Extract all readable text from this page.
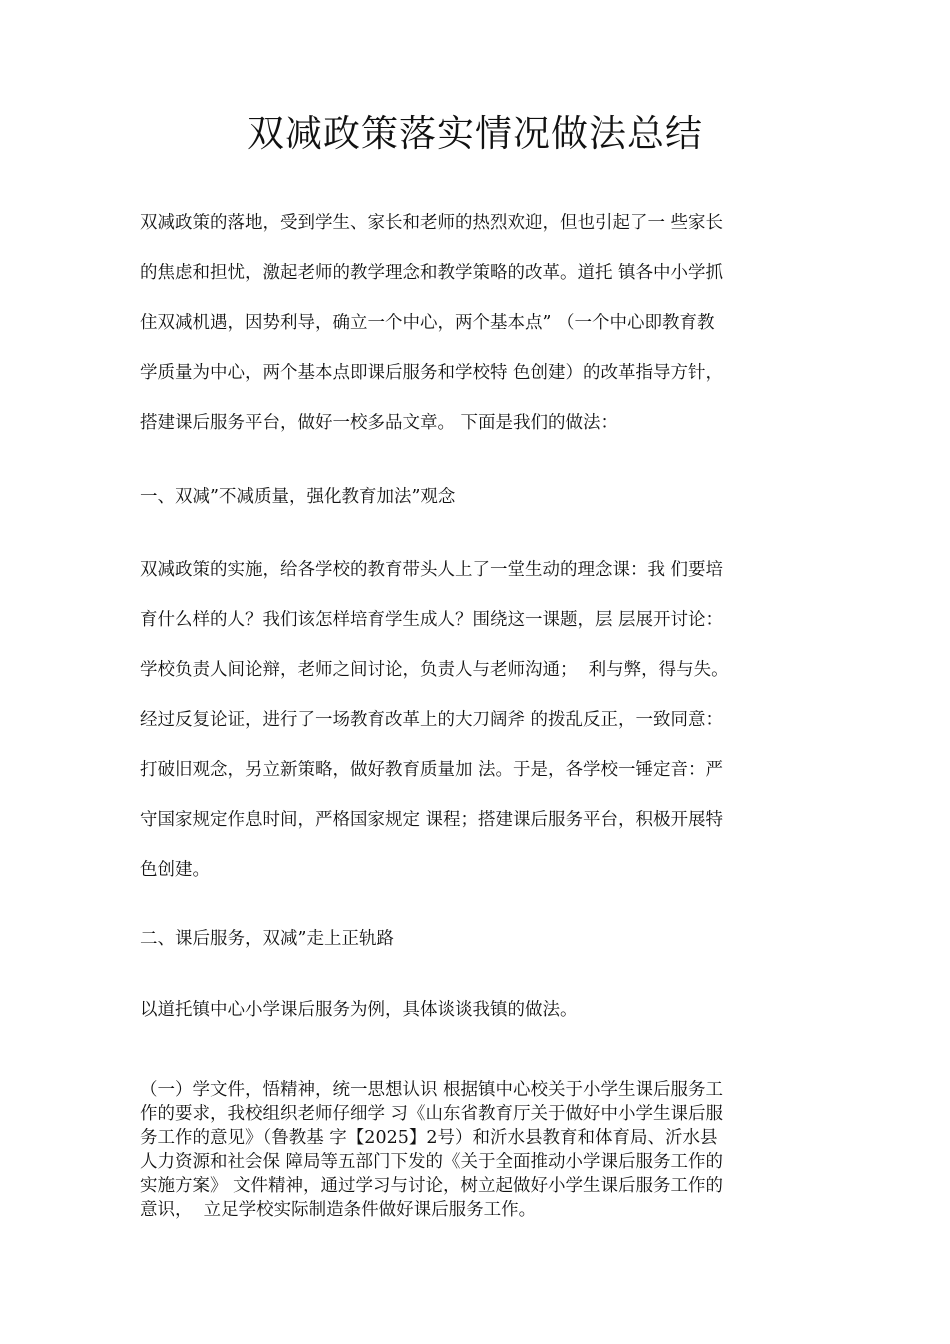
双减政策落实情况做法总结
双减政策的落地，受到学生、家长和老师的热烈欢迎，但也引起了一 些家长
的焦虑和担忧，激起老师的教学理念和教学策略的改革。道托 镇各中小学抓
住双减机遇，因势利导，确立一个中心，两个基本点” （一个中心即教育教
学质量为中心，两个基本点即课后服务和学校特 色创建）的改革指导方针，
搭建课后服务平台，做好一校多品文章。 下面是我们的做法：
一、双减”不减质量，强化教育加法”观念
双减政策的实施，给各学校的教育带头人上了一堂生动的理念课：我 们要培
育什么样的人？我们该怎样培育学生成人？围绕这一课题，层 层展开讨论：
学校负责人间论辩，老师之间讨论，负责人与老师沟通；  利与弊，得与失。
经过反复论证，进行了一场教育改革上的大刀阔斧 的拨乱反正，一致同意：
打破旧观念，另立新策略，做好教育质量加 法。于是，各学校一锤定音：严
守国家规定作息时间，严格国家规定 课程；搭建课后服务平台，积极开展特
色创建。
二、课后服务，双减”走上正轨路
以道托镇中心小学课后服务为例，具体谈谈我镇的做法。
（一）学文件，悟精神，统一思想认识 根据镇中心校关于小学生课后服务工
作的要求，我校组织老师仔细学 习《山东省教育厅关于做好中小学生课后服
务工作的意见》（鲁教基 字【2025】2号）和沂水县教育和体育局、沂水县
人力资源和社会保 障局等五部门下发的《关于全面推动小学课后服务工作的
实施方案》 文件精神，通过学习与讨论，树立起做好小学生课后服务工作的
意识，  立足学校实际制造条件做好课后服务工作。
